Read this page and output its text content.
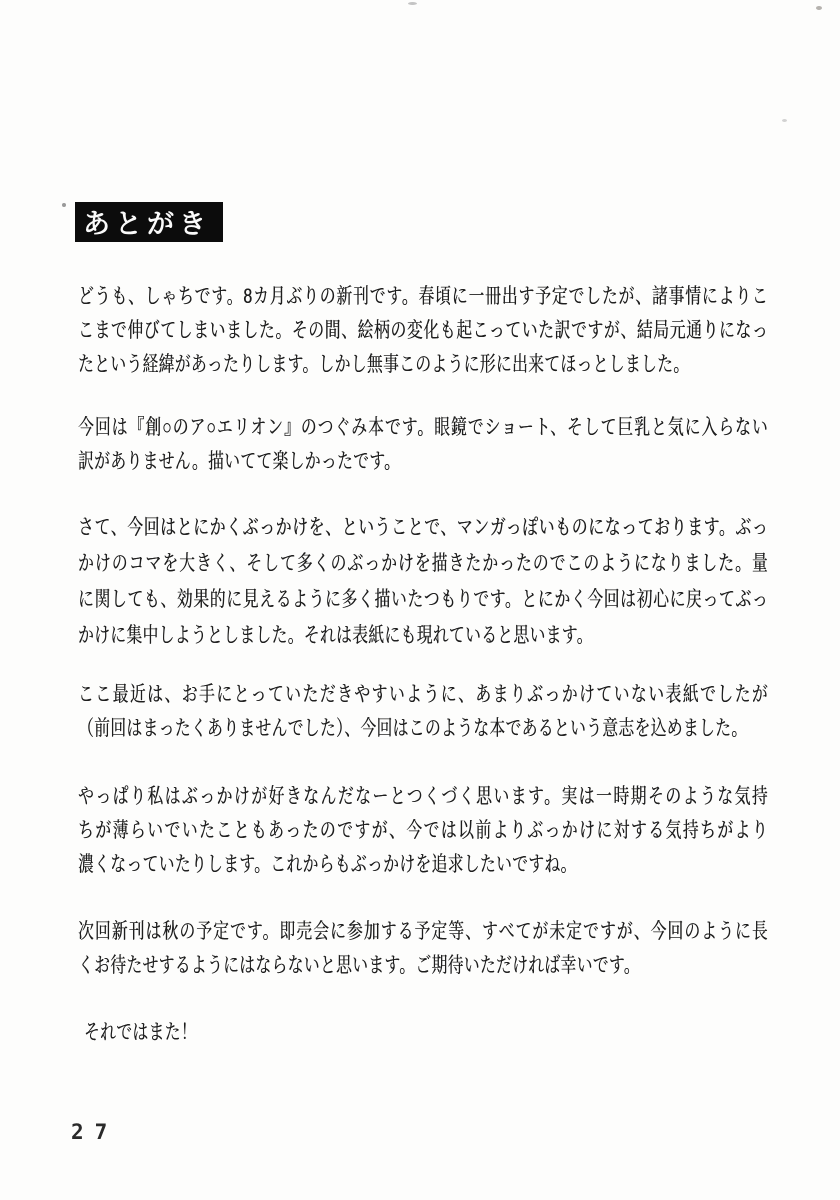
あとがき
どうも、しゃちです。8カ月ぶりの新刊です。春頃に一冊出す予定でしたが、諸事情によりこ
こまで伸びてしまいました。その間、絵柄の変化も起こっていた訳ですが、結局元通りになっ
たという経緯があったりします。しかし無事このように形に出来てほっとしました。
今回は『創○のア○エリオン』のつぐみ本です。眼鏡でショート、そして巨乳と気に入らない
訳がありません。描いてて楽しかったです。
さて、今回はとにかくぶっかけを、ということで、マンガっぽいものになっております。ぶっ
かけのコマを大きく、そして多くのぶっかけを描きたかったのでこのようになりました。量
に関しても、効果的に見えるように多く描いたつもりです。とにかく今回は初心に戻ってぶっ
かけに集中しようとしました。それは表紙にも現れていると思います。
ここ最近は、お手にとっていただきやすいように、あまりぶっかけていない表紙でしたが
（前回はまったくありませんでした）、今回はこのような本であるという意志を込めました。
やっぱり私はぶっかけが好きなんだなーとつくづく思います。実は一時期そのような気持
ちが薄らいでいたこともあったのですが、今では以前よりぶっかけに対する気持ちがより
濃くなっていたりします。これからもぶっかけを追求したいですね。
次回新刊は秋の予定です。即売会に参加する予定等、すべてが未定ですが、今回のように長
くお待たせするようにはならないと思います。ご期待いただければ幸いです。
それではまた！
27
